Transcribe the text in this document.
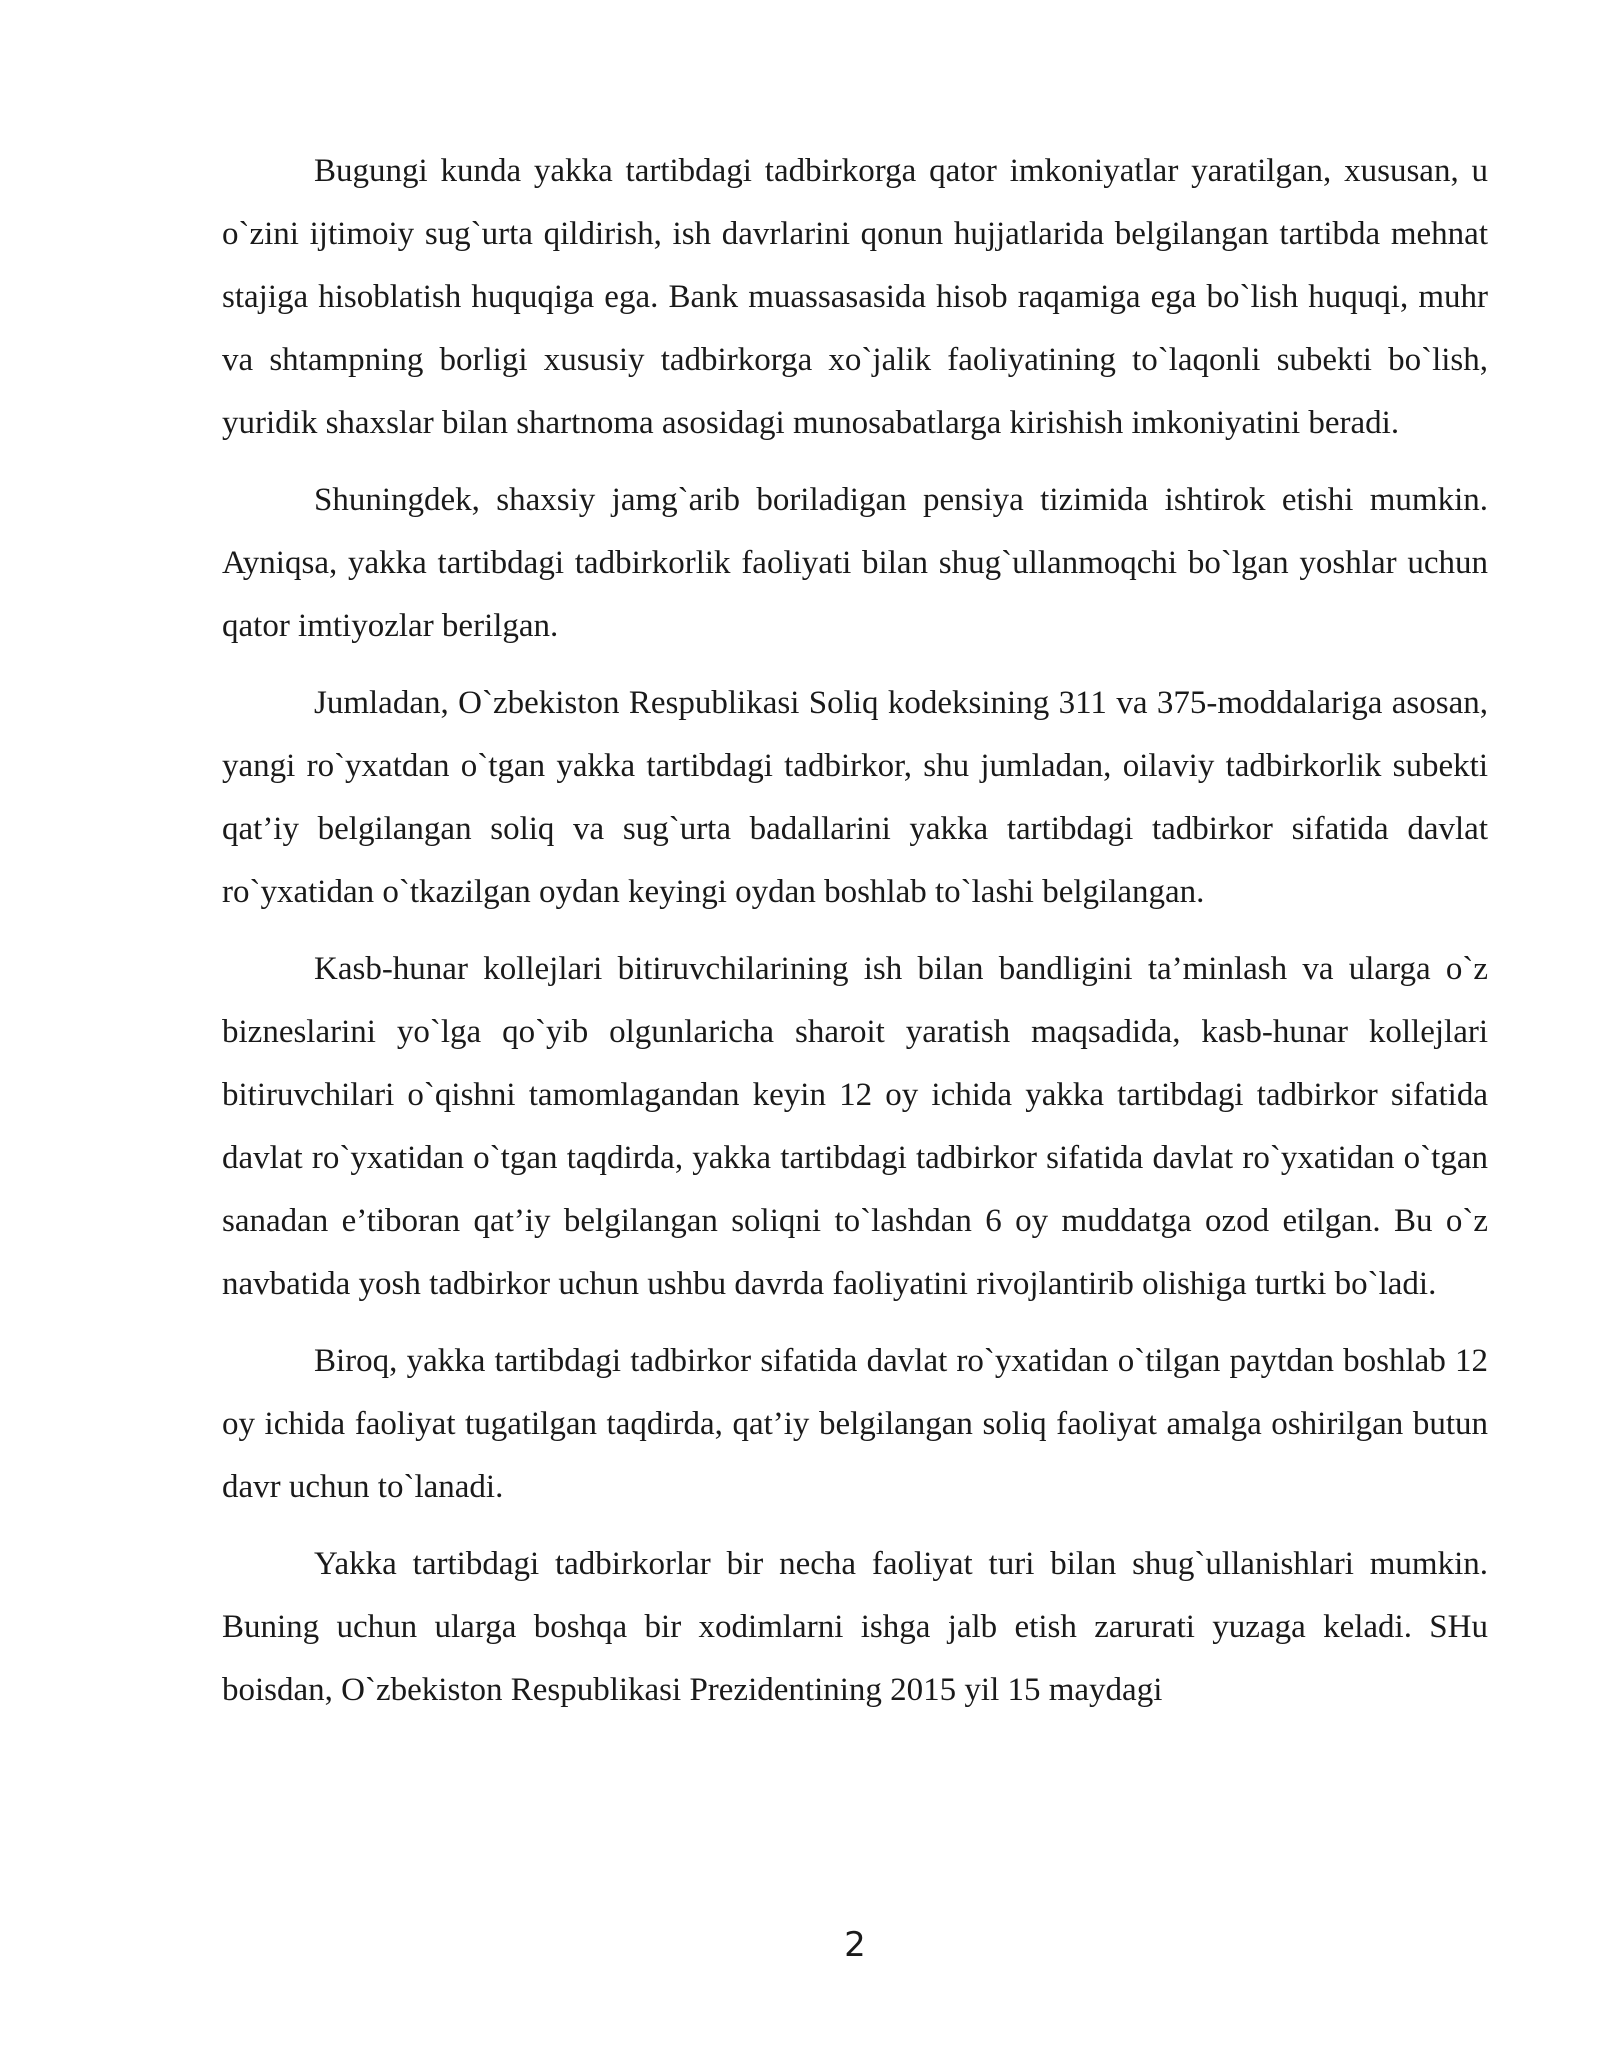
Bugungi kunda yakka tartibdagi tadbirkorga qator imkoniyatlar yaratilgan, xususan, u o`zini ijtimoiy sug`urta qildirish, ish davrlarini qonun hujjatlarida belgilangan tartibda mehnat stajiga hisoblatish huquqiga ega. Bank muassasasida hisob raqamiga ega bo`lish huquqi, muhr va shtampning borligi xususiy tadbirkorga xo`jalik faoliyatining to`laqonli subekti bo`lish, yuridik shaxslar bilan shartnoma asosidagi munosabatlarga kirishish imkoniyatini beradi.

Shuningdek, shaxsiy jamg`arib boriladigan pensiya tizimida ishtirok etishi mumkin. Ayniqsa, yakka tartibdagi tadbirkorlik faoliyati bilan shug`ullanmoqchi bo`lgan yoshlar uchun qator imtiyozlar berilgan.

Jumladan, O`zbekiston Respublikasi Soliq kodeksining 311 va 375-moddalariga asosan, yangi ro`yxatdan o`tgan yakka tartibdagi tadbirkor, shu jumladan, oilaviy tadbirkorlik subekti qat’iy belgilangan soliq va sug`urta badallarini yakka tartibdagi tadbirkor sifatida davlat ro`yxatidan o`tkazilgan oydan keyingi oydan boshlab to`lashi belgilangan.

Kasb-hunar kollejlari bitiruvchilarining ish bilan bandligini ta’minlash va ularga o`z bizneslarini yo`lga qo`yib olgunlaricha sharoit yaratish maqsadida, kasb-hunar kollejlari bitiruvchilari o`qishni tamomlagandan keyin 12 oy ichida yakka tartibdagi tadbirkor sifatida davlat ro`yxatidan o`tgan taqdirda, yakka tartibdagi tadbirkor sifatida davlat ro`yxatidan o`tgan sanadan e’tiboran qat’iy belgilangan soliqni to`lashdan 6 oy muddatga ozod etilgan. Bu o`z navbatida yosh tadbirkor uchun ushbu davrda faoliyatini rivojlantirib olishiga turtki bo`ladi.

Biroq, yakka tartibdagi tadbirkor sifatida davlat ro`yxatidan o`tilgan paytdan boshlab 12 oy ichida faoliyat tugatilgan taqdirda, qat’iy belgilangan soliq faoliyat amalga oshirilgan butun davr uchun to`lanadi.

Yakka tartibdagi tadbirkorlar bir necha faoliyat turi bilan shug`ullanishlari mumkin. Buning uchun ularga boshqa bir xodimlarni ishga jalb etish zarurati yuzaga keladi. SHu boisdan, O`zbekiston Respublikasi Prezidentining 2015 yil 15 maydagi

2
